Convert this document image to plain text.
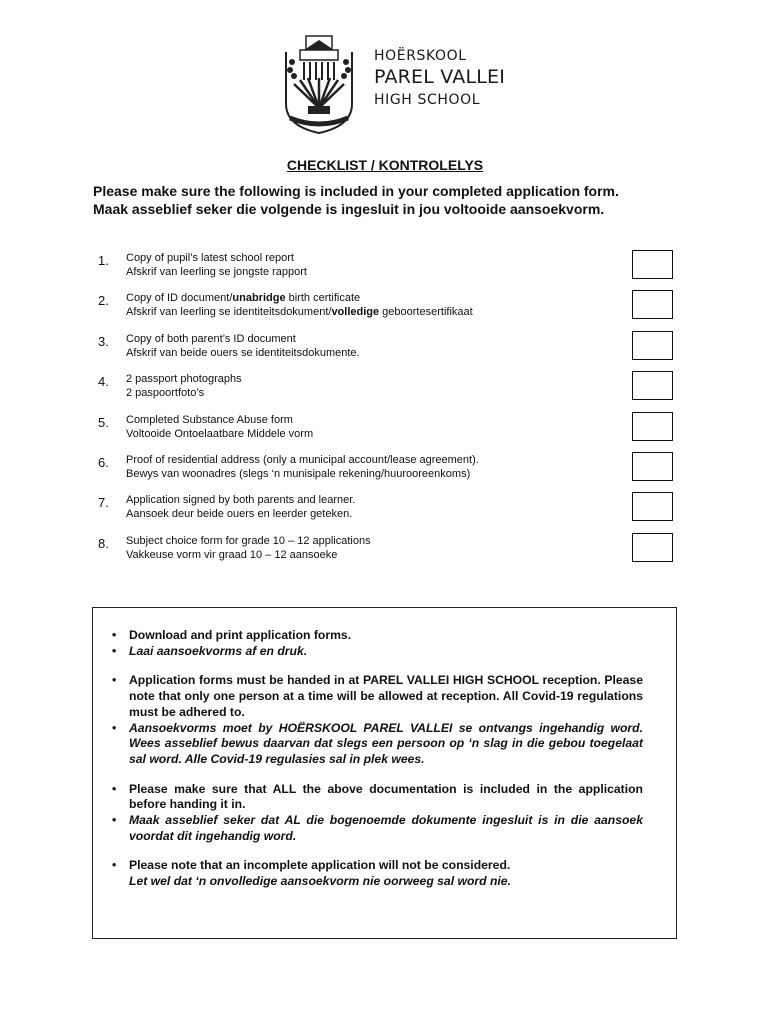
HOËRSKOOL
PAREL VALLEI
HIGH SCHOOL
CHECKLIST / KONTROLELYS
Please make sure the following is included in your completed application form.
Maak asseblief seker die volgende is ingesluit in jou voltooide aansoekvorm.
1. Copy of pupil’s latest school report
Afskrif van leerling se jongste rapport
2. Copy of ID document/unabridge birth certificate
Afskrif van leerling se identiteitsdokument/volledige geboortesertifikaat
3. Copy of both parent’s ID document
Afskrif van beide ouers se identiteitsdokumente.
4. 2 passport photographs
2 paspoortfoto’s
5. Completed Substance Abuse form
Voltooide Ontoelaatbare Middele vorm
6. Proof of residential address (only a municipal account/lease agreement).
Bewys van woonadres (slegs ‘n munisipale rekening/huurooreenkoms)
7. Application signed by both parents and learner.
Aansoek deur beide ouers en leerder geteken.
8. Subject choice form for grade 10 – 12 applications
Vakkeuse vorm vir graad 10 – 12 aansoeke
• Download and print application forms.
• Laai aansoekvorms af en druk.
• Application forms must be handed in at PAREL VALLEI HIGH SCHOOL reception. Please note that only one person at a time will be allowed at reception. All Covid-19 regulations must be adhered to.
• Aansoekvorms moet by HOËRSKOOL PAREL VALLEI se ontvangs ingehandig word. Wees asseblief bewus daarvan dat slegs een persoon op ‘n slag in die gebou toegelaat sal word. Alle Covid-19 regulasies sal in plek wees.
• Please make sure that ALL the above documentation is included in the application before handing it in.
• Maak asseblief seker dat AL die bogenoemde dokumente ingesluit is in die aansoek voordat dit ingehandig word.
• Please note that an incomplete application will not be considered.
Let wel dat ‘n onvolledige aansoekvorm nie oorweeg sal word nie.
